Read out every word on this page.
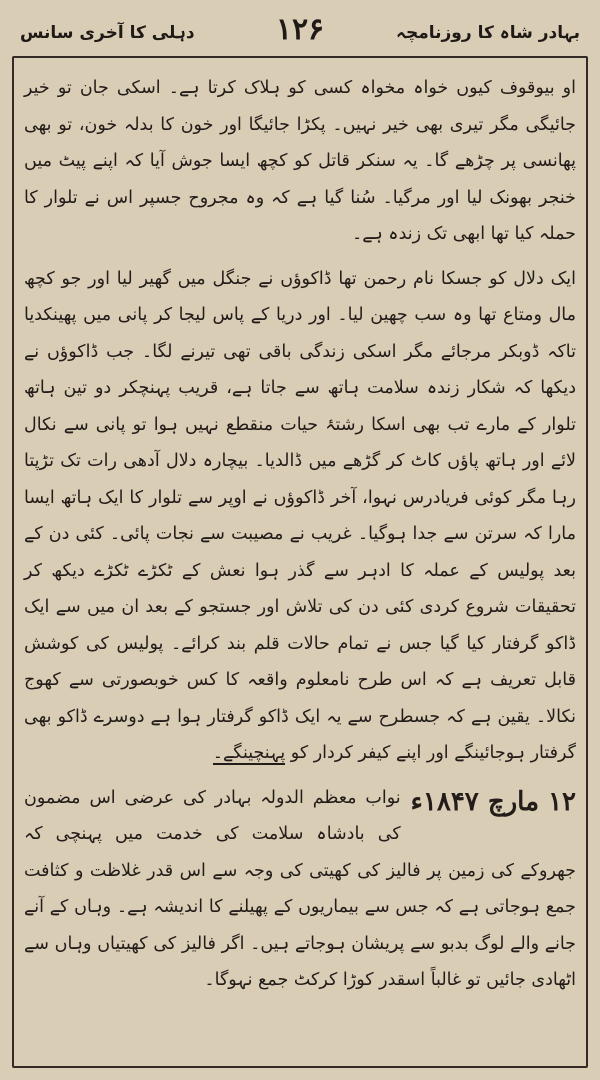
بہادر شاہ کا روزنامچہ
۱۲۶
دہلی کا آخری سانس

او بیوقوف کیوں خواہ مخواہ کسی کو ہلاک کرتا ہے۔ اسکی جان تو خیر جائیگی مگر تیری بھی خیر نہیں۔ پکڑا جائیگا اور خون کا بدلہ خون، تو بھی پھانسی پر چڑھے گا۔ یہ سنکر قاتل کو کچھ ایسا جوش آیا کہ اپنے پیٹ میں خنجر بھونک لیا اور مرگیا۔ سُنا گیا ہے کہ وہ مجروح جسپر اس نے تلوار کا حملہ کیا تھا ابھی تک زندہ ہے۔

ایک دلال کو جسکا نام رحمن تھا ڈاکوؤں نے جنگل میں گھیر لیا اور جو کچھ مال ومتاع تھا وہ سب چھین لیا۔ اور دریا کے پاس لیجا کر پانی میں پھینکدیا تاکہ ڈوبکر مرجائے مگر اسکی زندگی باقی تھی تیرنے لگا۔ جب ڈاکوؤں نے دیکھا کہ شکار زندہ سلامت ہاتھ سے جاتا ہے، قریب پہنچکر دو تین ہاتھ تلوار کے مارے تب بھی اسکا رشتۂ حیات منقطع نہیں ہوا تو پانی سے نکال لائے اور ہاتھ پاؤں کاٹ کر گڑھے میں ڈالدیا۔ بیچارہ دلال آدھی رات تک تڑپتا رہا مگر کوئی فریادرس نہوا، آخر ڈاکوؤں نے اوپر سے تلوار کا ایک ہاتھ ایسا مارا کہ سرتن سے جدا ہوگیا۔ غریب نے مصیبت سے نجات پائی۔ کئی دن کے بعد پولیس کے عملہ کا ادہر سے گذر ہوا نعش کے ٹکڑے ٹکڑے دیکھ کر تحقیقات شروع کردی کئی دن کی تلاش اور جستجو کے بعد ان میں سے ایک ڈاکو گرفتار کیا گیا جس نے تمام حالات قلم بند کرائے۔ پولیس کی کوشش قابل تعریف ہے کہ اس طرح نامعلوم واقعہ کا کس خوبصورتی سے کھوج نکالا۔ یقین ہے کہ جسطرح سے یہ ایک ڈاکو گرفتار ہوا ہے دوسرے ڈاکو بھی گرفتار ہوجائینگے اور اپنے کیفر کردار کو پہنچینگے۔

۱۲ مارچ ۱۸۴۷ء
نواب معظم الدولہ بہادر کی عرضی اس مضمون کی بادشاہ سلامت کی خدمت میں پہنچی کہ جھروکے کی زمین پر فالیز کی کھیتی کی وجہ سے اس قدر غلاظت و کثافت جمع ہوجاتی ہے کہ جس سے بیماریوں کے پھیلنے کا اندیشہ ہے۔ وہاں کے آنے جانے والے لوگ بدبو سے پریشان ہوجاتے ہیں۔ اگر فالیز کی کھیتیاں وہاں سے اٹھادی جائیں تو غالباً اسقدر کوڑا کرکٹ جمع نہوگا۔
